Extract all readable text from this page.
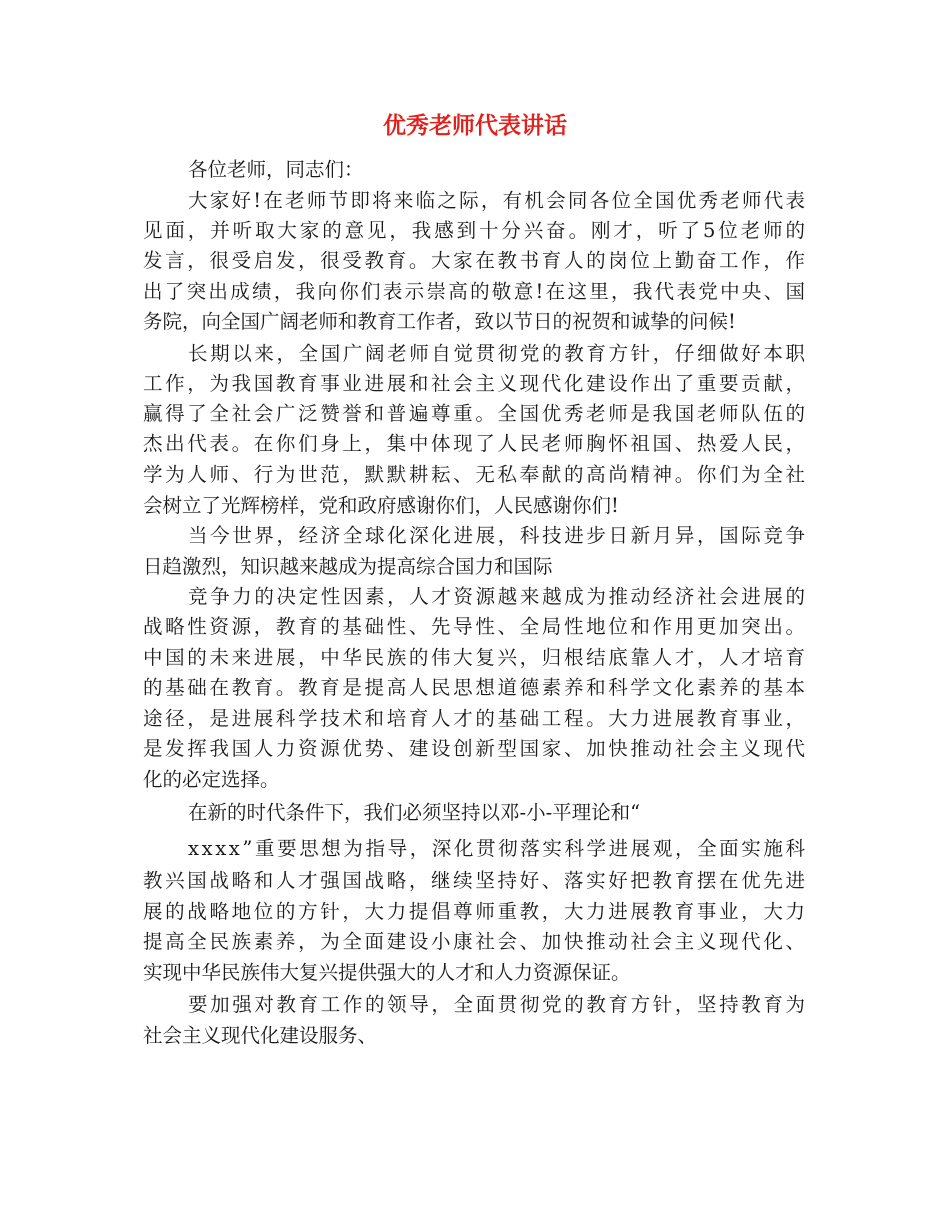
优秀老师代表讲话
各位老师，同志们：
大家好!在老师节即将来临之际，有机会同各位全国优秀老师代表
见面，并听取大家的意见，我感到十分兴奋。刚才，听了5位老师的
发言，很受启发，很受教育。大家在教书育人的岗位上勤奋工作，作
出了突出成绩，我向你们表示崇高的敬意!在这里，我代表党中央、国
务院，向全国广阔老师和教育工作者，致以节日的祝贺和诚挚的问候!
长期以来，全国广阔老师自觉贯彻党的教育方针，仔细做好本职
工作，为我国教育事业进展和社会主义现代化建设作出了重要贡献，
赢得了全社会广泛赞誉和普遍尊重。全国优秀老师是我国老师队伍的
杰出代表。在你们身上，集中体现了人民老师胸怀祖国、热爱人民，
学为人师、行为世范，默默耕耘、无私奉献的高尚精神。你们为全社
会树立了光辉榜样，党和政府感谢你们，人民感谢你们!
当今世界，经济全球化深化进展，科技进步日新月异，国际竞争
日趋激烈，知识越来越成为提高综合国力和国际
竞争力的决定性因素，人才资源越来越成为推动经济社会进展的
战略性资源，教育的基础性、先导性、全局性地位和作用更加突出。
中国的未来进展，中华民族的伟大复兴，归根结底靠人才，人才培育
的基础在教育。教育是提高人民思想道德素养和科学文化素养的基本
途径，是进展科学技术和培育人才的基础工程。大力进展教育事业，
是发挥我国人力资源优势、建设创新型国家、加快推动社会主义现代
化的必定选择。
在新的时代条件下，我们必须坚持以邓-小-平理论和“
xxxx”重要思想为指导，深化贯彻落实科学进展观，全面实施科
教兴国战略和人才强国战略，继续坚持好、落实好把教育摆在优先进
展的战略地位的方针，大力提倡尊师重教，大力进展教育事业，大力
提高全民族素养，为全面建设小康社会、加快推动社会主义现代化、
实现中华民族伟大复兴提供强大的人才和人力资源保证。
要加强对教育工作的领导，全面贯彻党的教育方针，坚持教育为
社会主义现代化建设服务、
